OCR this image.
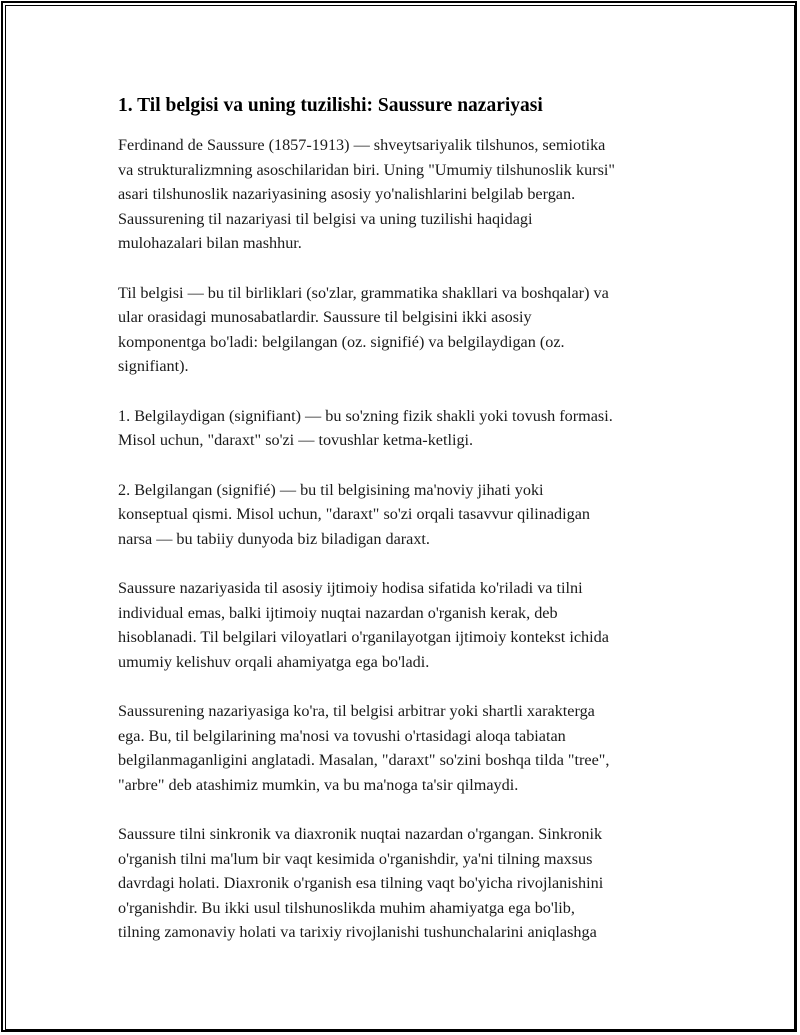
1. Til belgisi va uning tuzilishi: Saussure nazariyasi

Ferdinand de Saussure (1857-1913) — shveytsariyalik tilshunos, semiotika
va strukturalizmning asoschilaridan biri. Uning "Umumiy tilshunoslik kursi"
asari tilshunoslik nazariyasining asosiy yo'nalishlarini belgilab bergan.
Saussurening til nazariyasi til belgisi va uning tuzilishi haqidagi
mulohazalari bilan mashhur.

Til belgisi — bu til birliklari (so'zlar, grammatika shakllari va boshqalar) va
ular orasidagi munosabatlardir. Saussure til belgisini ikki asosiy
komponentga bo'ladi: belgilangan (oz. signifié) va belgilaydigan (oz.
signifiant).

1. Belgilaydigan (signifiant) — bu so'zning fizik shakli yoki tovush formasi.
Misol uchun, "daraxt" so'zi — tovushlar ketma-ketligi.

2. Belgilangan (signifié) — bu til belgisining ma'noviy jihati yoki
konseptual qismi. Misol uchun, "daraxt" so'zi orqali tasavvur qilinadigan
narsa — bu tabiiy dunyoda biz biladigan daraxt.

Saussure nazariyasida til asosiy ijtimoiy hodisa sifatida ko'riladi va tilni
individual emas, balki ijtimoiy nuqtai nazardan o'rganish kerak, deb
hisoblanadi. Til belgilari viloyatlari o'rganilayotgan ijtimoiy kontekst ichida
umumiy kelishuv orqali ahamiyatga ega bo'ladi.

Saussurening nazariyasiga ko'ra, til belgisi arbitrar yoki shartli xarakterga
ega. Bu, til belgilarining ma'nosi va tovushi o'rtasidagi aloqa tabiatan
belgilanmaganligini anglatadi. Masalan, "daraxt" so'zini boshqa tilda "tree",
"arbre" deb atashimiz mumkin, va bu ma'noga ta'sir qilmaydi.

Saussure tilni sinkronik va diaxronik nuqtai nazardan o'rgangan. Sinkronik
o'rganish tilni ma'lum bir vaqt kesimida o'rganishdir, ya'ni tilning maxsus
davrdagi holati. Diaxronik o'rganish esa tilning vaqt bo'yicha rivojlanishini
o'rganishdir. Bu ikki usul tilshunoslikda muhim ahamiyatga ega bo'lib,
tilning zamonaviy holati va tarixiy rivojlanishi tushunchalarini aniqlashga
